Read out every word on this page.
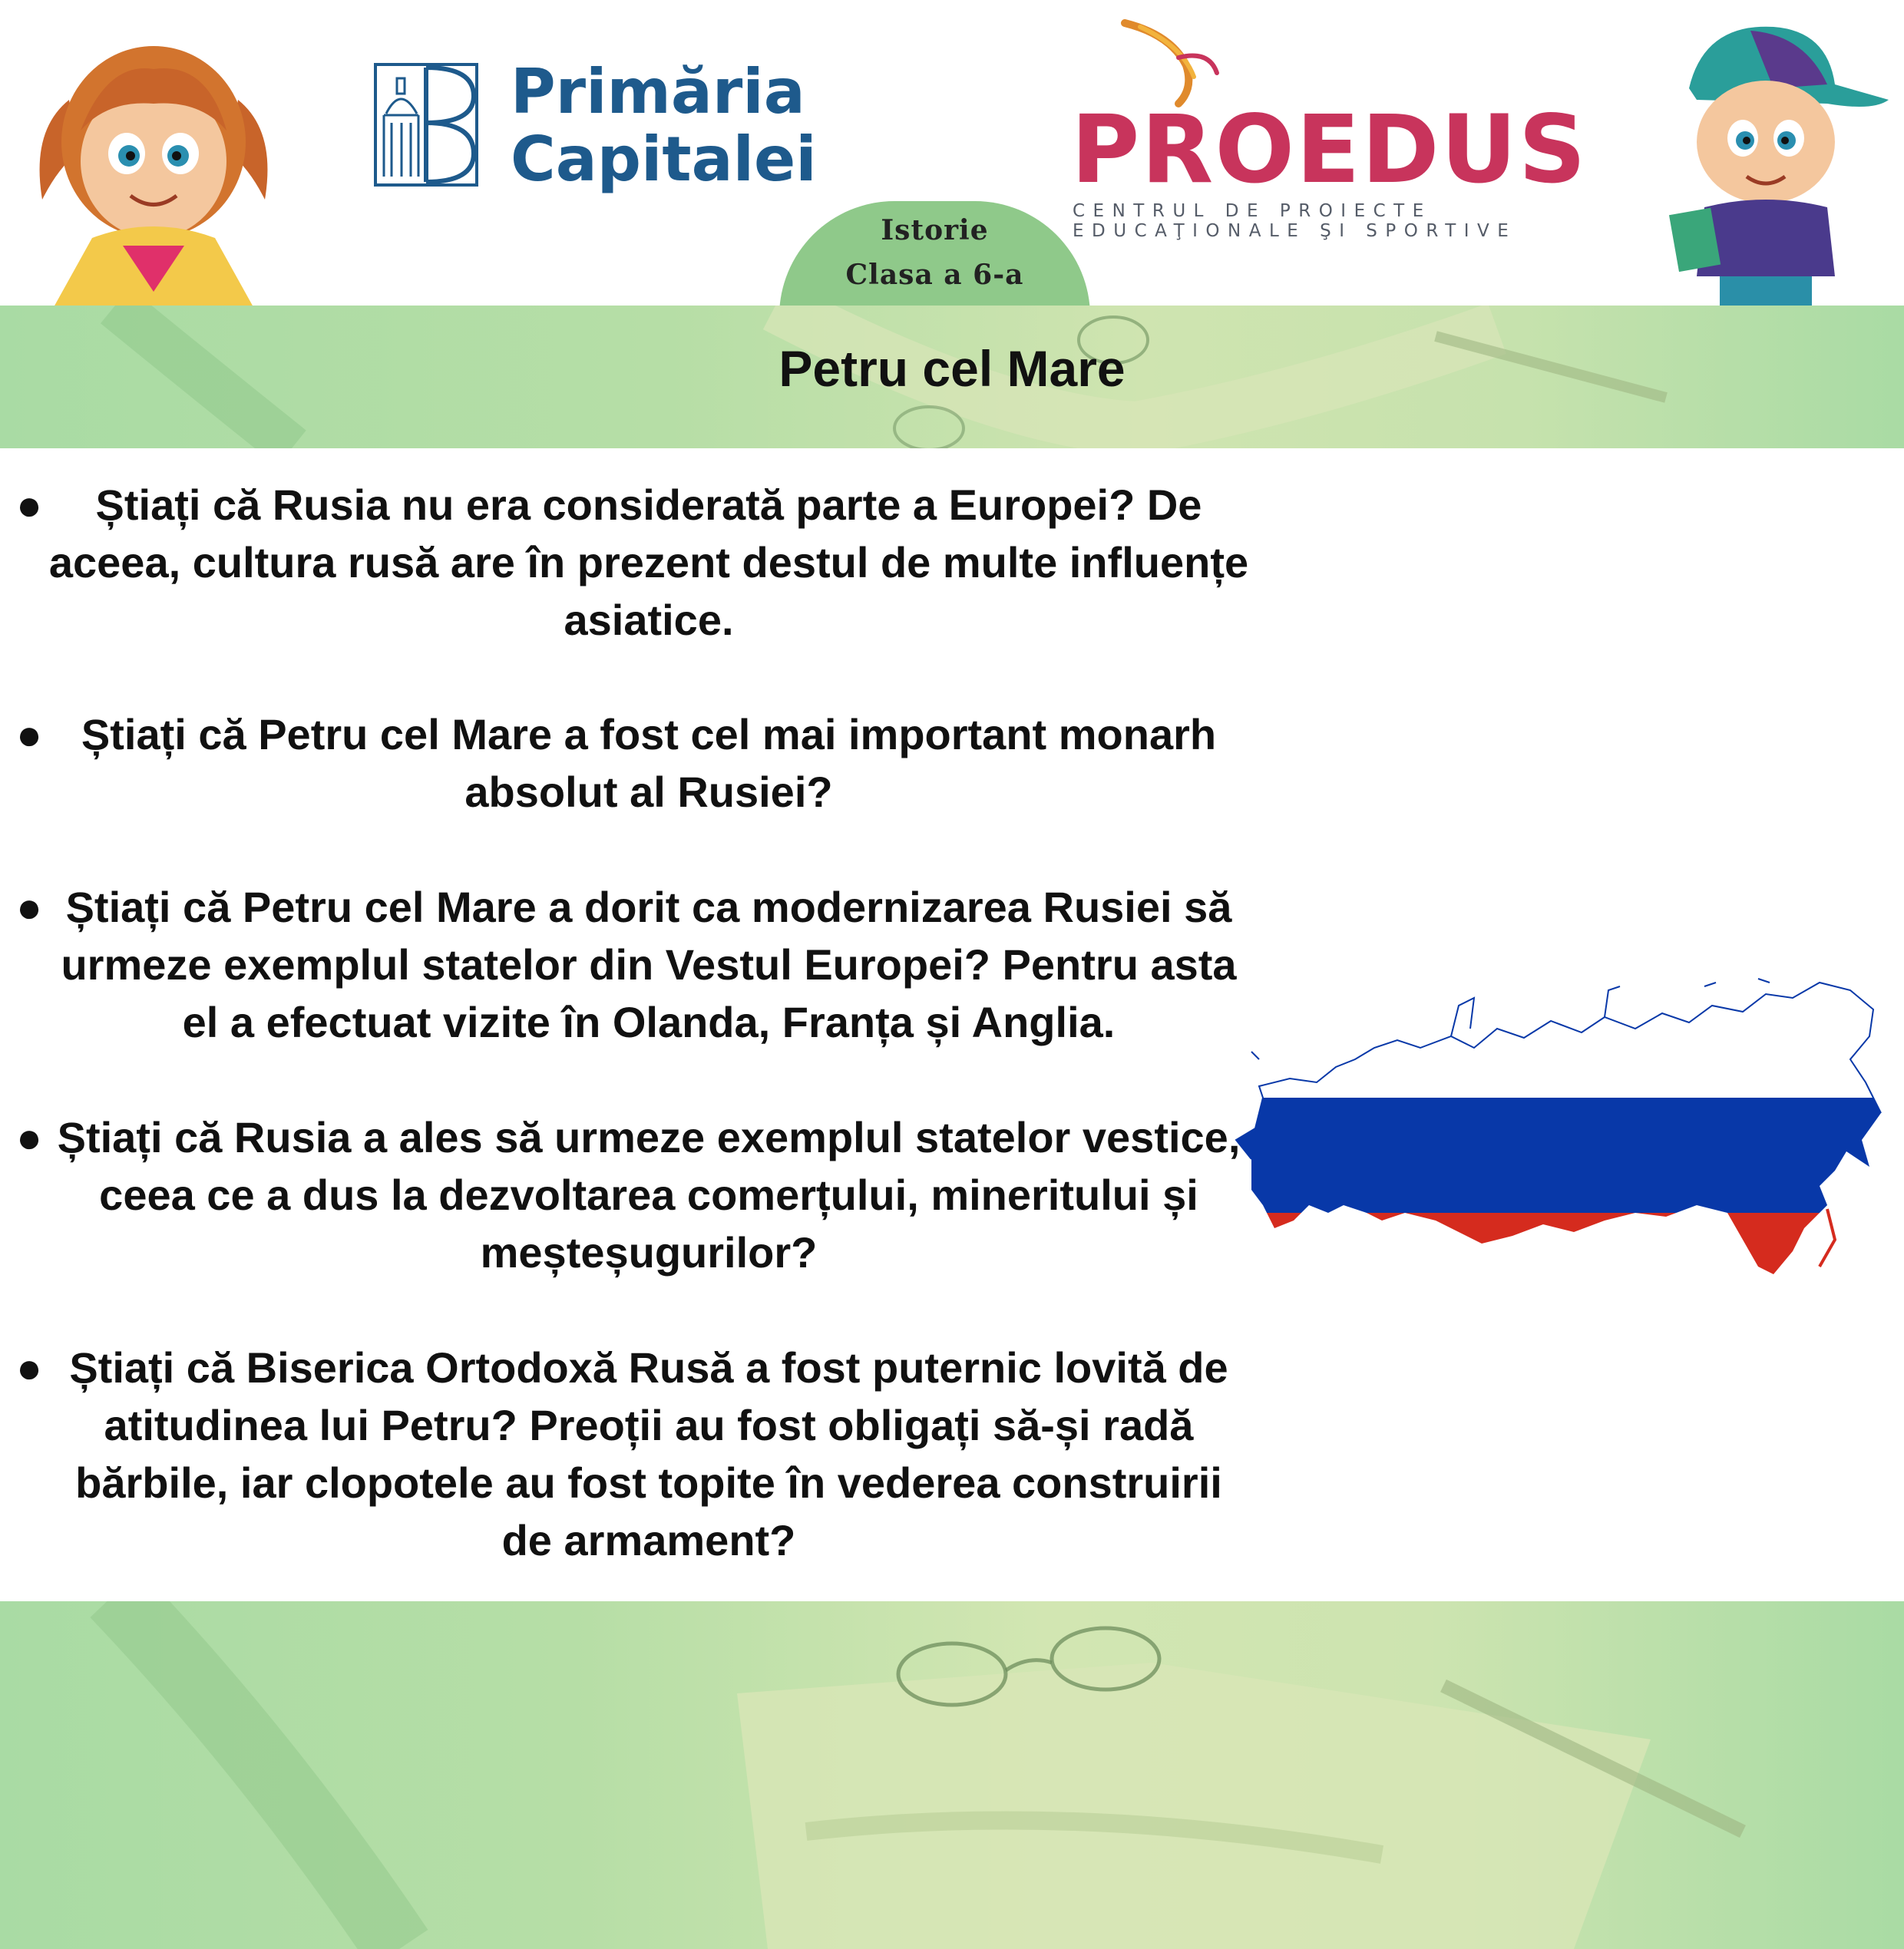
Primăria
Capitalei	PROEDUS
CENTRUL DE PROIECTE
EDUCAŢIONALE ŞI SPORTIVE
Istorie
Clasa a 6-a
Petru cel Mare
●	Știați că Rusia nu era considerată parte a Europei? De aceea, cultura rusă are în prezent destul de multe influențe asiatice.
● Știați că Petru cel Mare a fost cel mai important monarh absolut al Rusiei?
● Știați că Petru cel Mare a dorit ca modernizarea Rusiei să urmeze exemplul statelor din Vestul Europei? Pentru asta el a efectuat vizite în Olanda, Franța și Anglia.
● Știați că Rusia a ales să urmeze exemplul statelor vestice, ceea ce a dus la dezvoltarea comerțului, mineritului și meșteșugurilor?
● Știați că Biserica Ortodoxă Rusă a fost puternic lovită de atitudinea lui Petru? Preoții au fost obligați să-și radă bărbile, iar clopotele au fost topite în vederea construirii de armament?
